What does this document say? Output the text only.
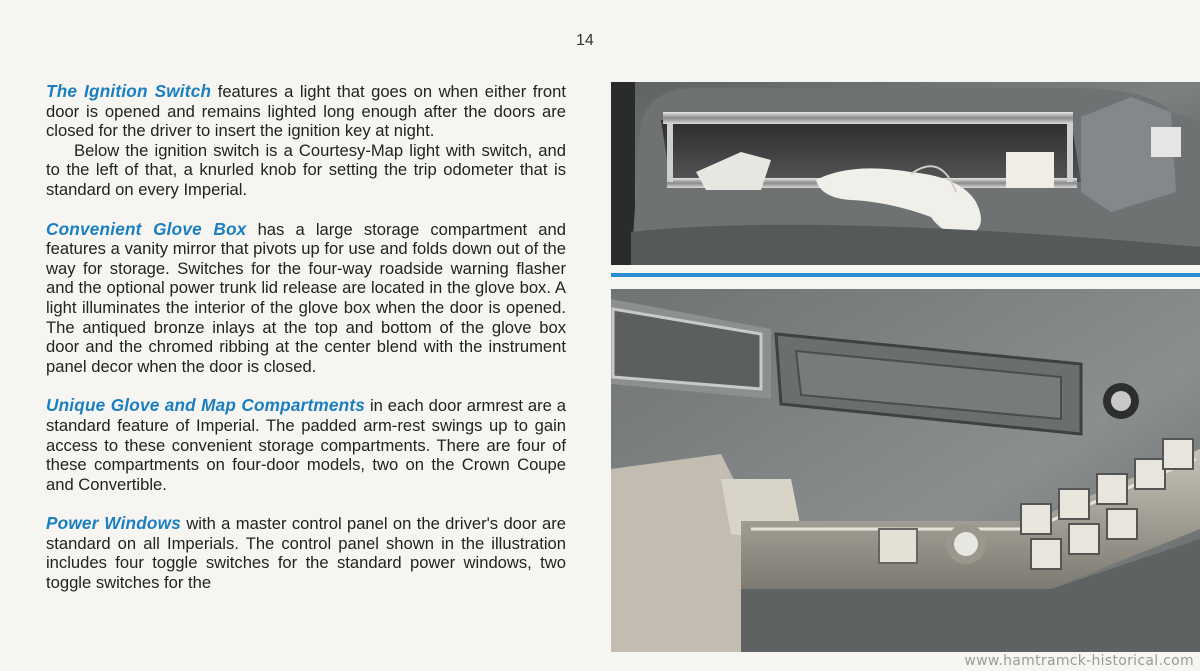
14

The Ignition Switch features a light that goes on when either front door is opened and remains lighted long enough after the doors are closed for the driver to insert the ignition key at night.

Below the ignition switch is a Courtesy-Map light with switch, and to the left of that, a knurled knob for setting the trip odometer that is standard on every Imperial.

Convenient Glove Box has a large storage compartment and features a vanity mirror that pivots up for use and folds down out of the way for storage. Switches for the four-way roadside warning flasher and the optional power trunk lid release are located in the glove box. A light illuminates the interior of the glove box when the door is opened. The antiqued bronze inlays at the top and bottom of the glove box door and the chromed ribbing at the center blend with the instrument panel decor when the door is closed.

Unique Glove and Map Compartments in each door armrest are a standard feature of Imperial. The padded arm-rest swings up to gain access to these convenient storage compartments. There are four of these compartments on four-door models, two on the Crown Coupe and Convertible.

Power Windows with a master control panel on the driver's door are standard on all Imperials. The control panel shown in the illustration includes four toggle switches for the standard power windows, two toggle switches for the

www.hamtramck-historical.com
